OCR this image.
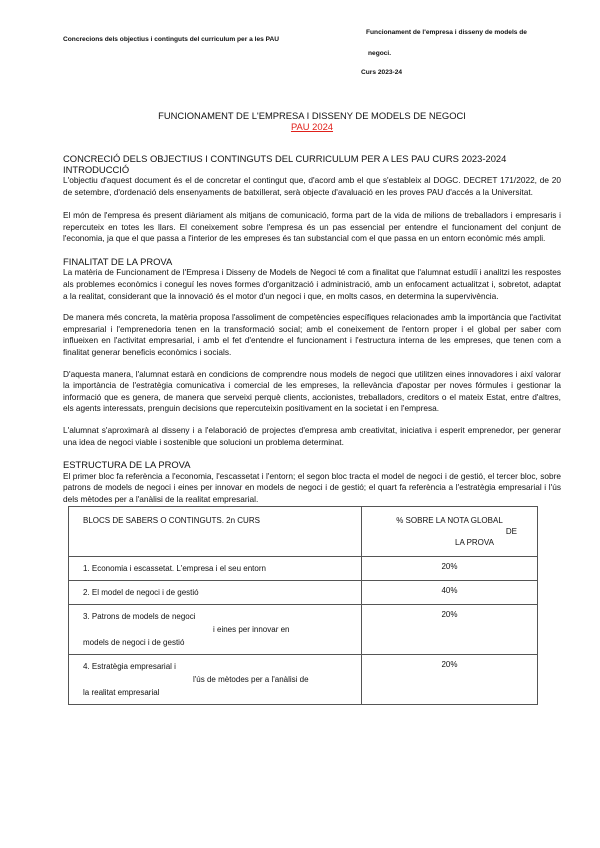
Concrecions dels objectius i continguts del curriculum per a les PAU
Funcionament de l'empresa i disseny de models de
negoci.
Curs 2023-24
FUNCIONAMENT DE L'EMPRESA I DISSENY DE MODELS DE NEGOCI
PAU 2024

CONCRECIÓ DELS OBJECTIUS I CONTINGUTS DEL CURRICULUM PER A LES PAU CURS 2023-2024

INTRODUCCIÓ

L'objectiu d'aquest document és el de concretar el contingut que, d'acord amb el que s'estableix al DOGC. DECRET 171/2022, de 20 de setembre, d'ordenació dels ensenyaments de batxillerat, serà objecte d'avaluació en les proves PAU d'accés a la Universitat.

El món de l'empresa és present diàriament als mitjans de comunicació, forma part de la vida de milions de treballadors i empresaris i repercuteix en totes les llars. El coneixement sobre l'empresa és un pas essencial per entendre el funcionament del conjunt de l'economia, ja que el que passa a l'interior de les empreses és tan substancial com el que passa en un entorn econòmic més ampli.

FINALITAT DE LA PROVA

La matèria de Funcionament de l'Empresa i Disseny de Models de Negoci té com a finalitat que l'alumnat estudiï i analitzi les respostes als problemes econòmics i coneguí les noves formes d'organització i administració, amb un enfocament actualitzat i, sobretot, adaptat a la realitat, considerant que la innovació és el motor d'un negoci i que, en molts casos, en determina la supervivència.

De manera més concreta, la matèria proposa l'assoliment de competències específiques relacionades amb la importància que l'activitat empresarial i l'emprenedoria tenen en la transformació social; amb el coneixement de l'entorn proper i el global per saber com influeixen en l'activitat empresarial, i amb el fet d'entendre el funcionament i l'estructura interna de les empreses, que tenen com a finalitat generar beneficis econòmics i socials.

D'aquesta manera, l'alumnat estarà en condicions de comprendre nous models de negoci que utilitzen eines innovadores i així valorar la importància de l'estratègia comunicativa i comercial de les empreses, la rellevància d'apostar per noves fórmules i gestionar la informació que es genera, de manera que serveixi perquè clients, accionistes, treballadors, creditors o el mateix Estat, entre d'altres, els agents interessats, prenguin decisions que repercuteixin positivament en la societat i en l'empresa.

L'alumnat s'aproximarà al disseny i a l'elaboració de projectes d'empresa amb creativitat, iniciativa i esperit emprenedor, per generar una idea de negoci viable i sostenible que solucioni un problema determinat.

ESTRUCTURA DE LA PROVA

El primer bloc fa referència a l'economia, l'escassetat i l'entorn; el segon bloc tracta el model de negoci i de gestió, el tercer bloc, sobre patrons de models de negoci i eines per innovar en models de negoci i de gestió; el quart fa referència a l'estratègia empresarial i l'ús dels mètodes per a l'anàlisi de la realitat empresarial.

BLOCS DE SABERS O CONTINGUTS. 2n CURS	% SOBRE LA NOTA GLOBAL
DE
LA PROVA

1. Economia i escassetat. L'empresa i el seu entorn	20%

2. El model de negoci i de gestió	40%

3. Patrons de models de negoci
i eines per innovar en
models de negoci i de gestió	20%

4. Estratègia empresarial i
l'ús de mètodes per a l'anàlisi de
la realitat empresarial	20%
